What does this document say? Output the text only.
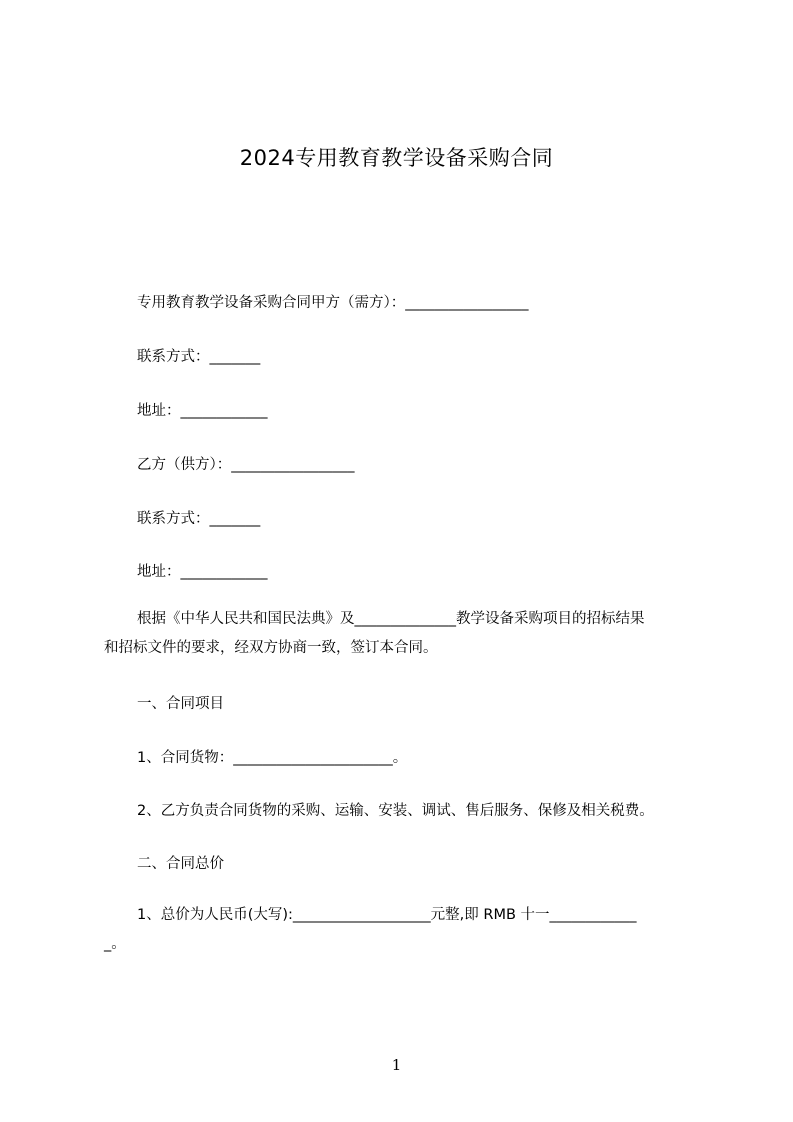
2024专用教育教学设备采购合同
专用教育教学设备采购合同甲方（需方）：_________________
联系方式：_______
地址：____________
乙方（供方）：_________________
联系方式：_______
地址：____________
根据《中华人民共和国民法典》及______________教学设备采购项目的招标结果
和招标文件的要求，经双方协商一致，签订本合同。
一、合同项目
1、合同货物：______________________。
2、乙方负责合同货物的采购、运输、安装、调试、售后服务、保修及相关税费。
二、合同总价
1、总价为人民币(大写):___________________元整,即 RMB 十一____________
_。
1
